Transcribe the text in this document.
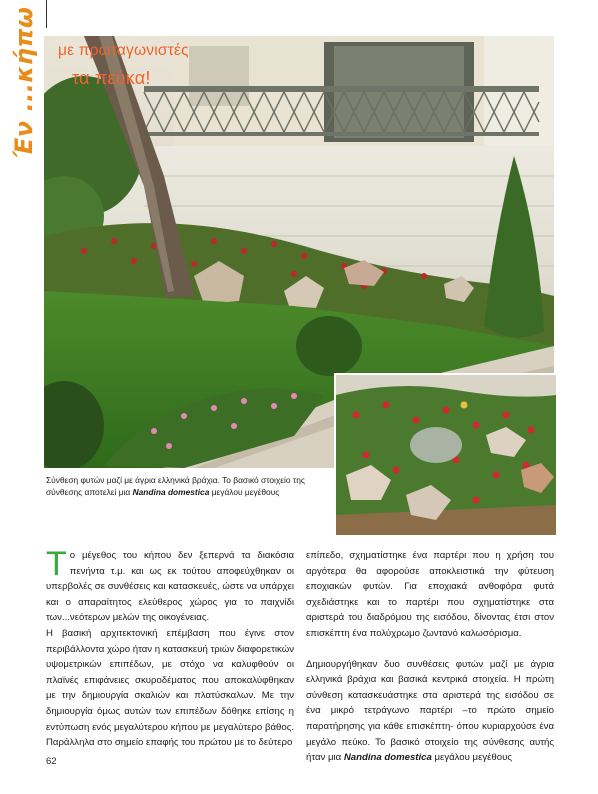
Έν ...κήπω με πρωταγωνιστές
τα πεύκα!
Σύνθεση φυτών μαζί με άγρια ελληνικά βράχια. Το βασικό στοιχείο της σύνθεσης αποτελεί μια Nandina domestica μεγάλου μεγέθους

Το μέγεθος του κήπου δεν ξεπερνά τα διακόσια πενήντα τ.μ. και ως εκ τούτου αποφεύχθηκαν οι υπερβολές σε συνθέσεις και κατασκευές, ώστε να υπάρχει και ο απαραίτητος ελεύθερος χώρος για το παιχνίδι των...νεότερων μελών της οικογένειας.

Η βασική αρχιτεκτονική επέμβαση που έγινε στον περιβάλλοντα χώρο ήταν η κατασκευή τριών διαφορετικών υψομετρικών επιπέδων, με στόχο να καλυφθούν οι πλαϊνές επιφάνειες σκυροδέματος που αποκαλύφθηκαν με την δημιουργία σκαλιών και πλατύσκαλων. Με την δημιουργία όμως αυτών των επιπέδων δόθηκε επίσης η εντύπωση ενός μεγαλύτερου κήπου με μεγαλύτερο βάθος. Παράλληλα στο σημείο επαφής του πρώτου με το δεύτερο

επίπεδο, σχηματίστηκε ένα παρτέρι που η χρήση του αργότερα θα αφορούσε αποκλειστικά την φύτευση εποχιακών φυτών. Για εποχιακά ανθοφόρα φυτά σχεδιάστηκε και το παρτέρι που σχηματίστηκε στα αριστερά του διαδρόμου της εισόδου, δίνοντας έτσι στον επισκέπτη ένα πολύχρωμο ζωντανό καλωσόρισμα.

Δημιουργήθηκαν δυο συνθέσεις φυτών μαζί με άγρια ελληνικά βράχια και βασικά κεντρικά στοιχεία. Η πρώτη σύνθεση κατασκευάστηκε στα αριστερά της εισόδου σε ένα μικρό τετράγωνο παρτέρι –το πρώτο σημείο παρατήρησης για κάθε επισκέπτη- όπου κυριαρχούσε ένα μεγάλο πεύκο. Το βασικό στοιχείο της σύνθεσης αυτής ήταν μια Nandina domestica μεγάλου μεγέθους

62
